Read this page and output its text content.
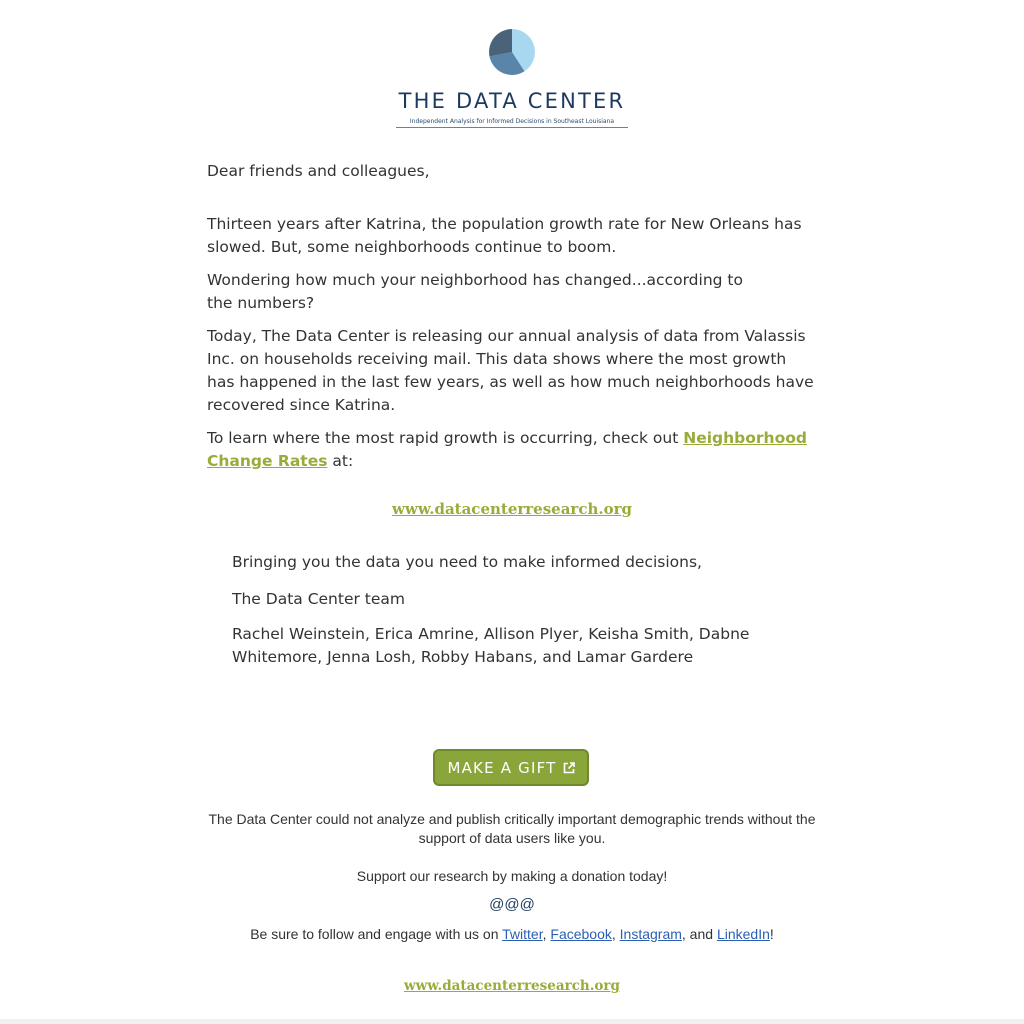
THE DATA CENTER
Independent Analysis for Informed Decisions in Southeast Louisiana

Dear friends and colleagues,

Thirteen years after Katrina, the population growth rate for New Orleans has slowed. But, some neighborhoods continue to boom.

Wondering how much your neighborhood has changed...according to
the numbers?

Today, The Data Center is releasing our annual analysis of data from Valassis Inc. on households receiving mail. This data shows where the most growth has happened in the last few years, as well as how much neighborhoods have recovered since Katrina.

To learn where the most rapid growth is occurring, check out Neighborhood Change Rates at:

www.datacenterresearch.org

Bringing you the data you need to make informed decisions,

The Data Center team

Rachel Weinstein, Erica Amrine, Allison Plyer, Keisha Smith, Dabne Whitemore, Jenna Losh, Robby Habans, and Lamar Gardere

MAKE A GIFT
The Data Center could not analyze and publish critically important demographic trends without the support of data users like you.
Support our research by making a donation today!
@@@
Be sure to follow and engage with us on Twitter, Facebook, Instagram, and LinkedIn!
www.datacenterresearch.org
